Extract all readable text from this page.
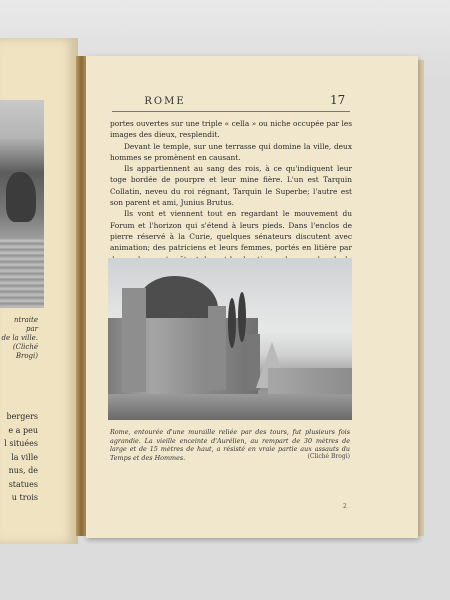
ntraite par
de la ville.
(Cliché Brogi)
bergers
e a peu
l situées
la ville
nus, de
statues
u trois
ROME	17

portes ouvertes sur une triple « cella » ou niche occupée par les images des dieux, resplendit.

Devant le temple, sur une terrasse qui domine la ville, deux hommes se promènent en causant.

Ils appartiennent au sang des rois, à ce qu'indiquent leur toge bordée de pourpre et leur mine fière. L'un est Tarquin Collatin, neveu du roi régnant, Tarquin le Superbe; l'autre est son parent et ami, Junius Brutus.

Ils vont et viennent tout en regardant le mouvement du Forum et l'horizon qui s'étend à leurs pieds. Dans l'enclos de pierre réservé à la Curie, quelques sénateurs discutent avec animation; des patriciens et leurs femmes, portés en litière par

Rome, entourée d'une muraille reliée par des tours, fut plusieurs fois agrandie. La vieille enceinte d'Aurélien, au rempart de 30 mètres de large et de 15 mètres de haut, a résisté en vraie partie aux assauts du Temps et des Hommes.	(Cliché Brogi)
2
